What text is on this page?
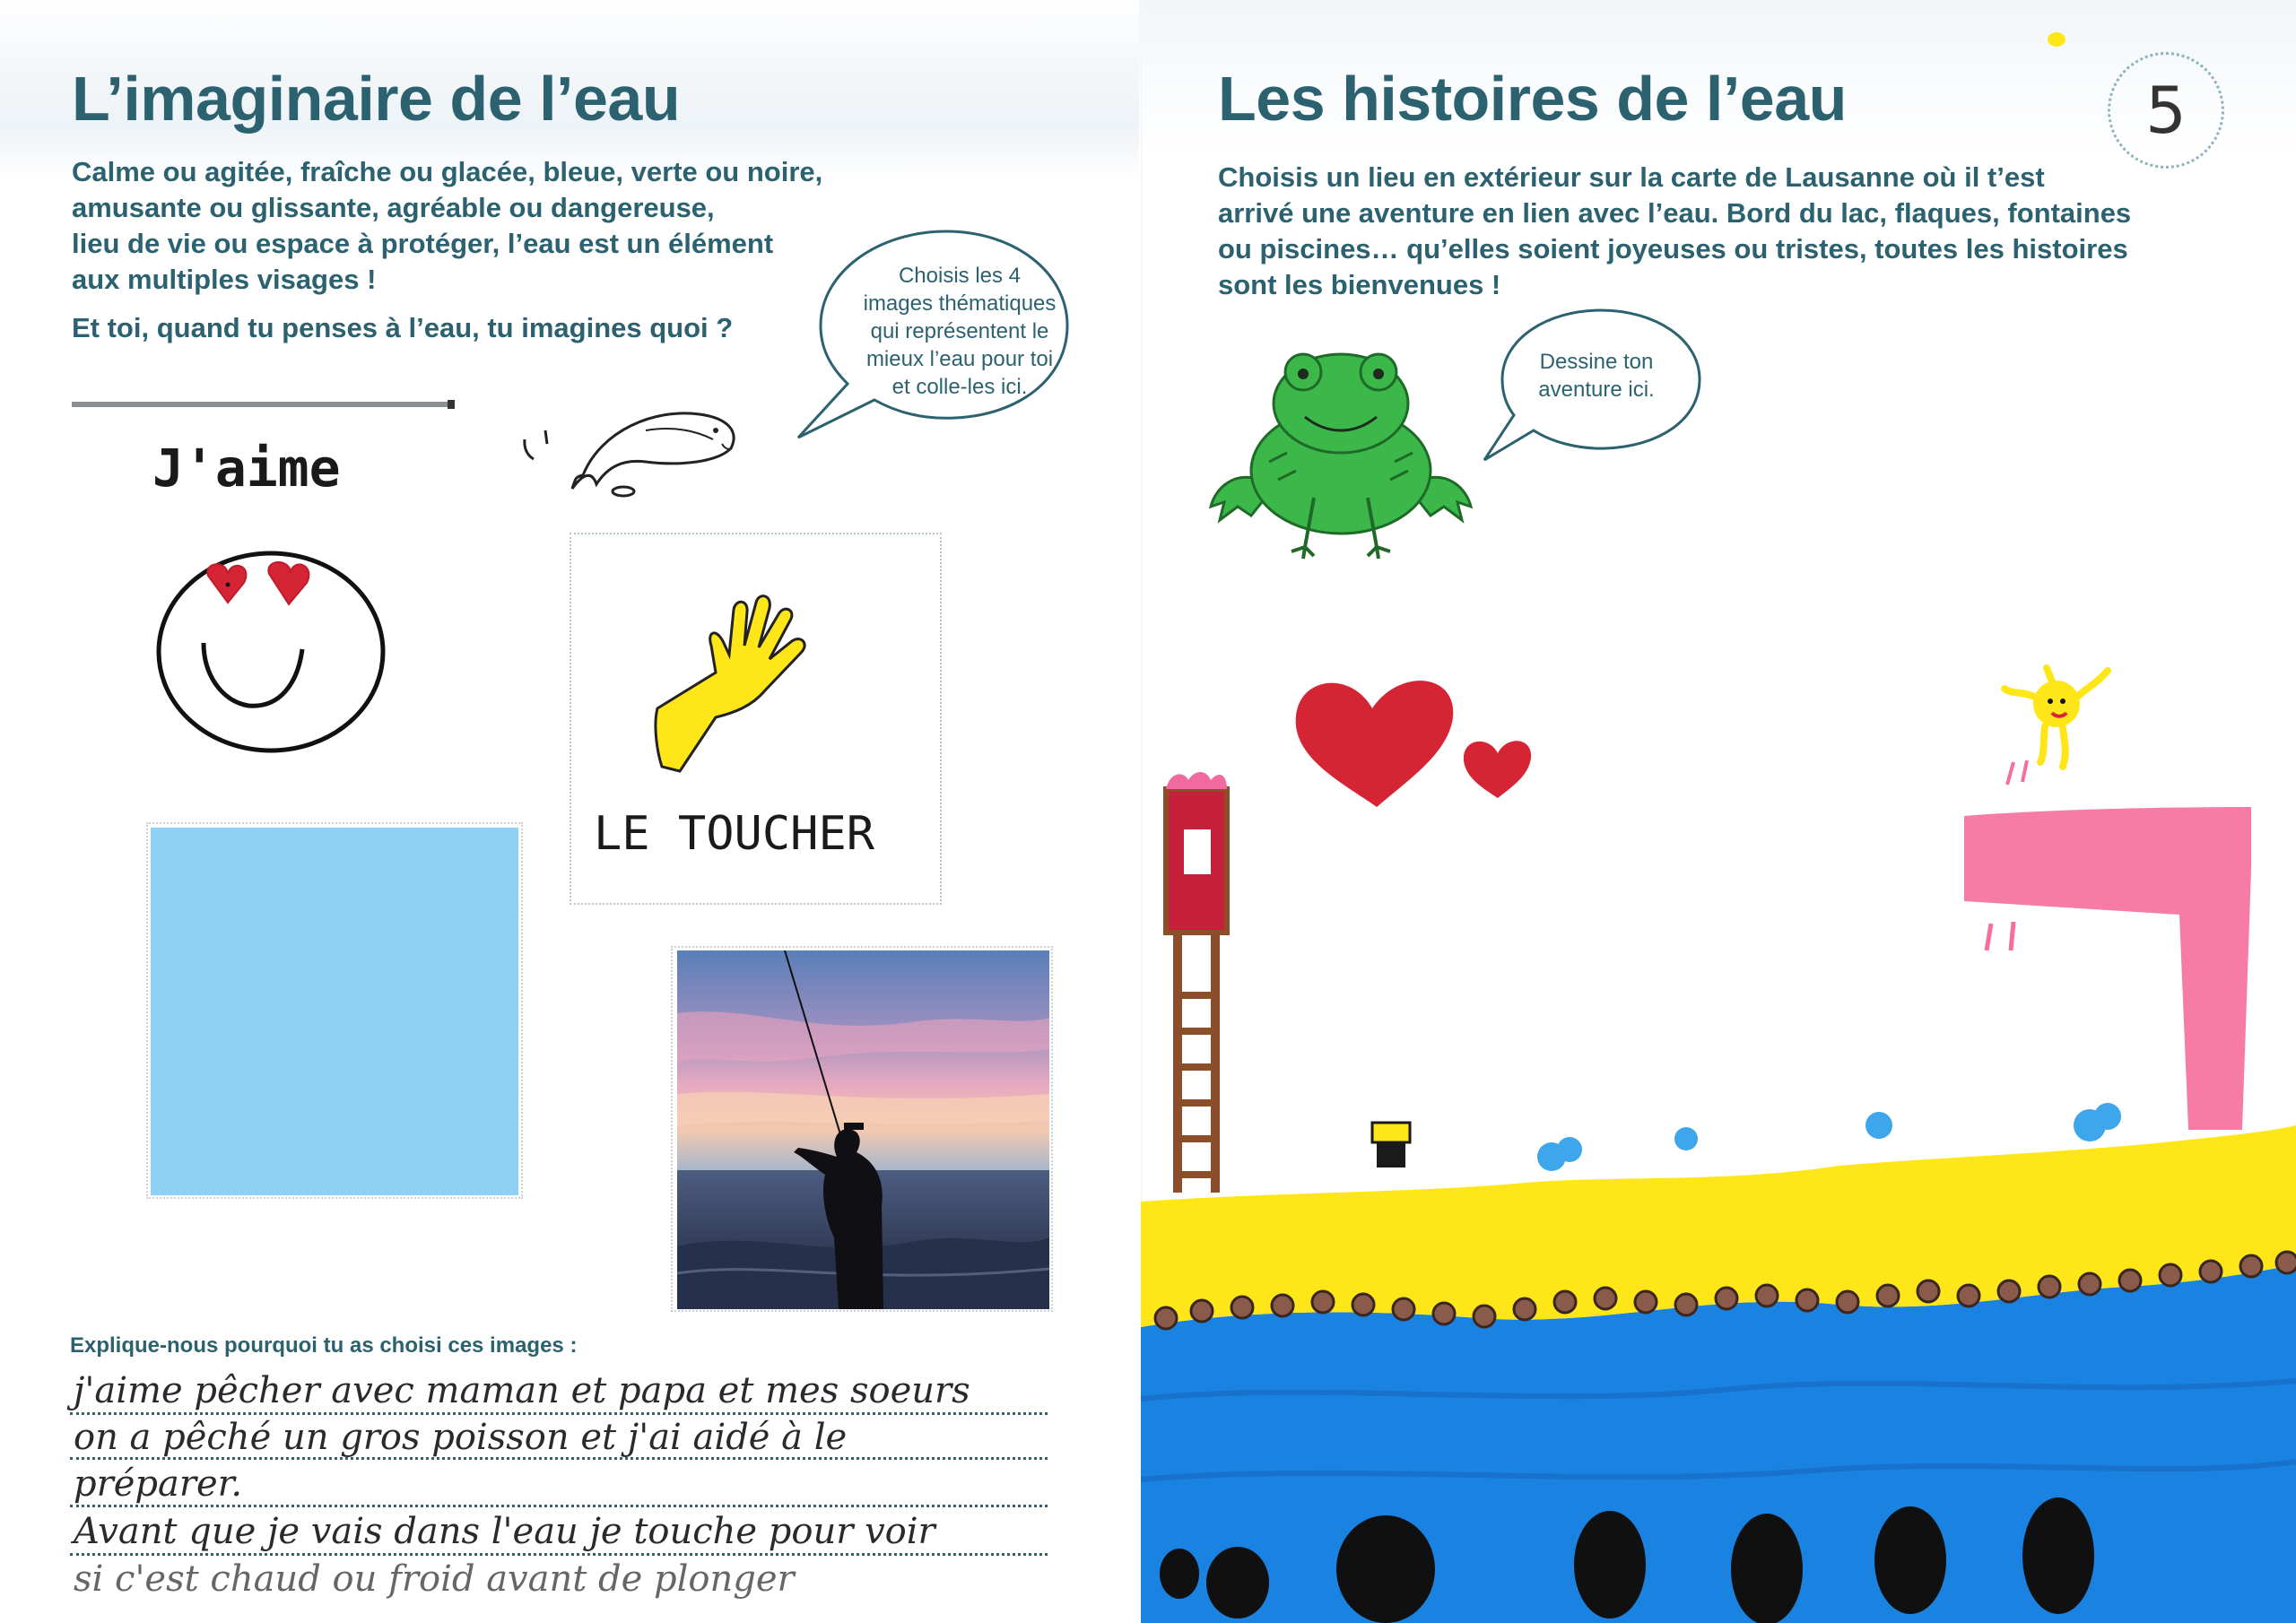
L’imaginaire de l’eau

Calme ou agitée, fraîche ou glacée, bleue, verte ou noire,

amusante ou glissante, agréable ou dangereuse,

lieu de vie ou espace à protéger, l’eau est un élément

aux multiples visages !

Et toi, quand tu penses à l’eau, tu imagines quoi ?

Choisis les 4
images thématiques
qui représentent le
mieux l’eau pour toi
et colle-les ici.
J'aime
LE TOUCHER
Explique-nous pourquoi tu as choisi ces images :
j'aime pêcher avec maman et papa et mes soeurs
on a pêché un gros poisson et j'ai aidé à le
préparer.
Avant que je vais dans l'eau je touche pour voir
si c'est chaud ou froid avant de plonger
Les histoires de l’eau	5

Choisis un lieu en extérieur sur la carte de Lausanne où il t’est

arrivé une aventure en lien avec l’eau. Bord du lac, flaques, fontaines

ou piscines… qu’elles soient joyeuses ou tristes, toutes les histoires

sont les bienvenues !

Dessine ton
aventure ici.
